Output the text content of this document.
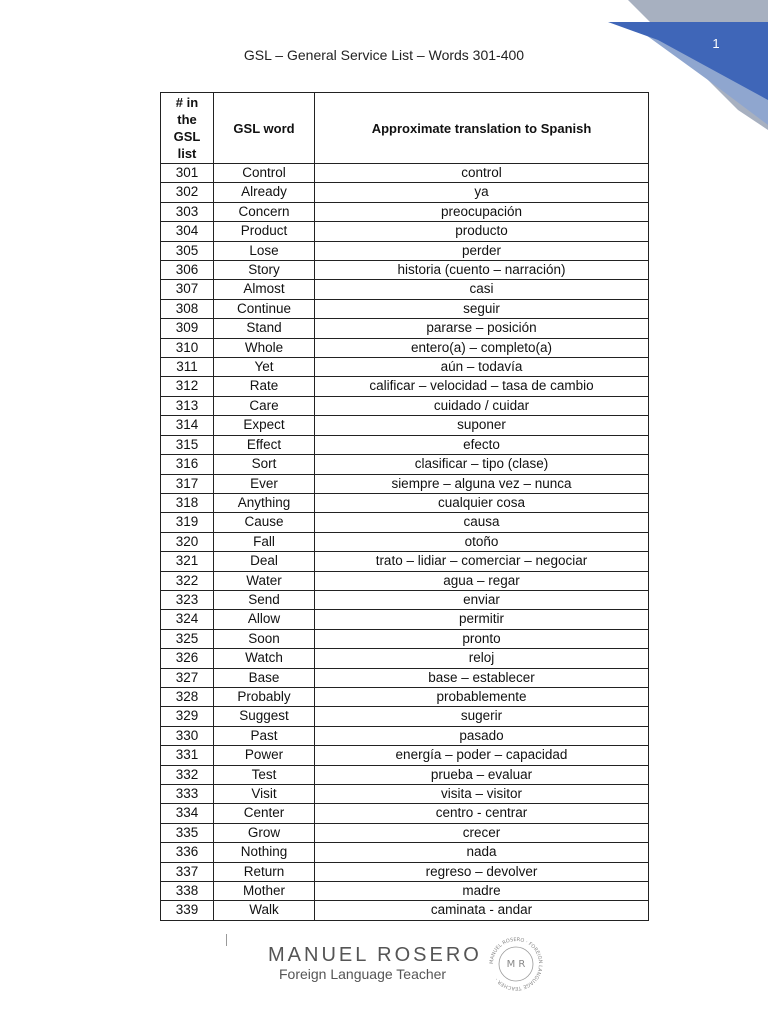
1
GSL – General Service List – Words 301-400
# in the GSL list	GSL word	Approximate translation to Spanish
301	Control	control
302	Already	ya
303	Concern	preocupación
304	Product	producto
305	Lose	perder
306	Story	historia (cuento – narración)
307	Almost	casi
308	Continue	seguir
309	Stand	pararse – posición
310	Whole	entero(a) – completo(a)
311	Yet	aún – todavía
312	Rate	calificar – velocidad – tasa de cambio
313	Care	cuidado / cuidar
314	Expect	suponer
315	Effect	efecto
316	Sort	clasificar – tipo (clase)
317	Ever	siempre – alguna vez – nunca
318	Anything	cualquier cosa
319	Cause	causa
320	Fall	otoño
321	Deal	trato – lidiar – comerciar – negociar
322	Water	agua – regar
323	Send	enviar
324	Allow	permitir
325	Soon	pronto
326	Watch	reloj
327	Base	base – establecer
328	Probably	probablemente
329	Suggest	sugerir
330	Past	pasado
331	Power	energía – poder – capacidad
332	Test	prueba – evaluar
333	Visit	visita – visitor
334	Center	centro - centrar
335	Grow	crecer
336	Nothing	nada
337	Return	regreso – devolver
338	Mother	madre
339	Walk	caminata - andar
MANUEL ROSERO
Foreign Language Teacher
MANUEL ROSERO · FOREIGN LANGUAGE TEACHER ·
M R
